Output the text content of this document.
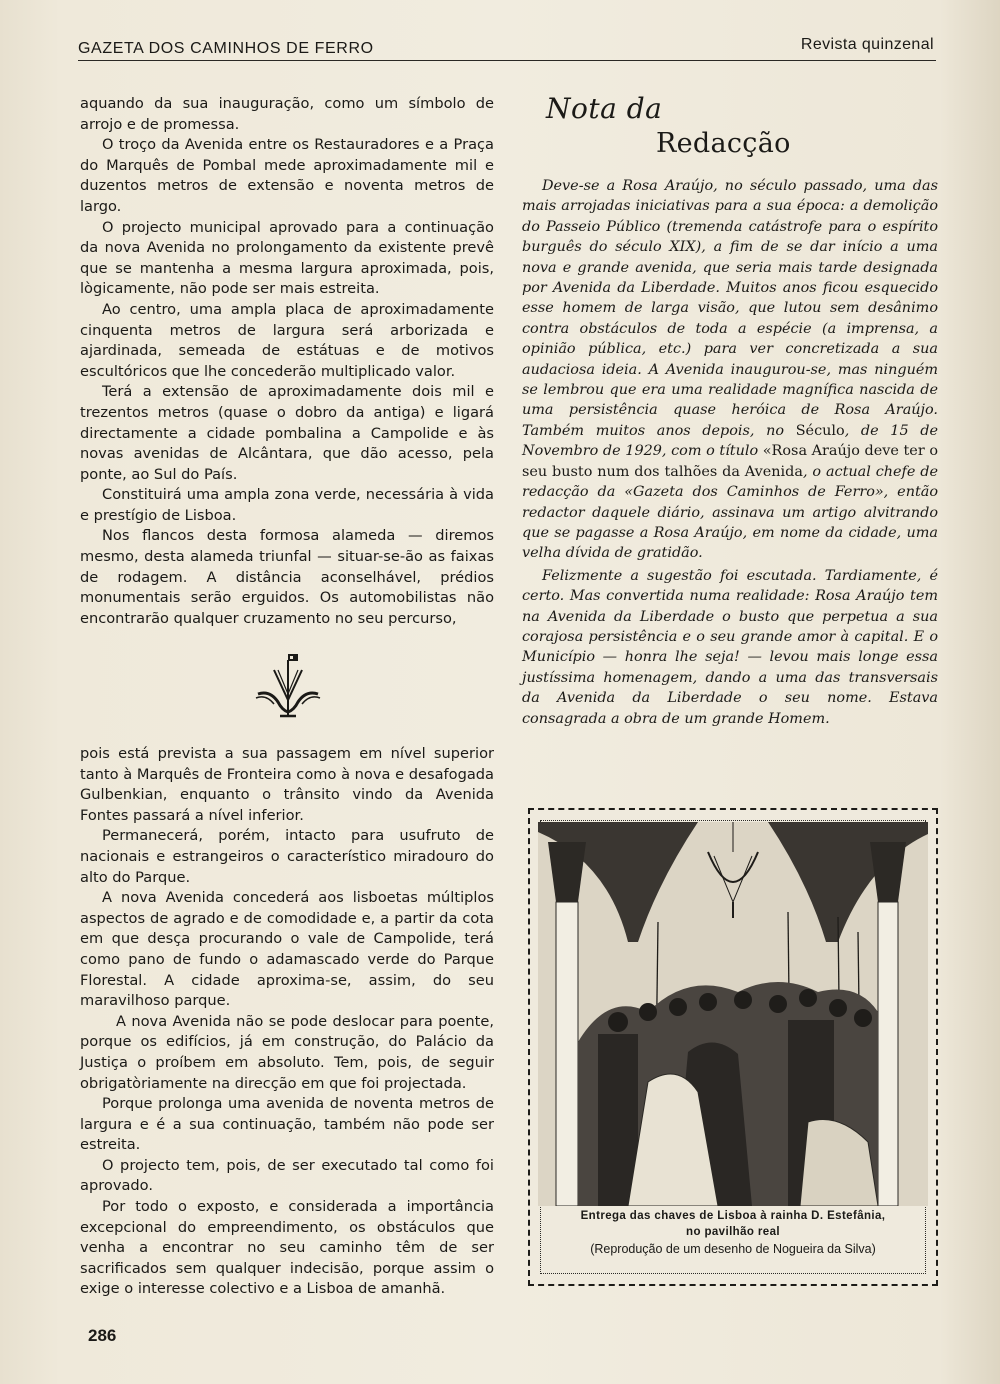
GAZETA DOS CAMINHOS DE FERRO	Revista quinzenal

aquando da sua inauguração, como um símbolo de arrojo e de promessa.

O troço da Avenida entre os Restauradores e a Praça do Marquês de Pombal mede aproximadamente mil e duzentos metros de extensão e noventa metros de largo.

O projecto municipal aprovado para a continuação da nova Avenida no prolongamento da existente prevê que se mantenha a mesma largura aproximada, pois, lògicamente, não pode ser mais estreita.

Ao centro, uma ampla placa de aproximadamente cinquenta metros de largura será arborizada e ajardinada, semeada de estátuas e de motivos escultóricos que lhe concederão multiplicado valor.

Terá a extensão de aproximadamente dois mil e trezentos metros (quase o dobro da antiga) e ligará directamente a cidade pombalina a Campolide e às novas avenidas de Alcântara, que dão acesso, pela ponte, ao Sul do País.

Constituirá uma ampla zona verde, necessária à vida e prestígio de Lisboa.

Nos flancos desta formosa alameda — diremos mesmo, desta alameda triunfal — situar-se-ão as faixas de rodagem. A distância aconselhável, prédios monumentais serão erguidos. Os automobilistas não encontrarão qualquer cruzamento no seu percurso,

pois está prevista a sua passagem em nível superior tanto à Marquês de Fronteira como à nova e desafogada Gulbenkian, enquanto o trânsito vindo da Avenida Fontes passará a nível inferior.

Permanecerá, porém, intacto para usufruto de nacionais e estrangeiros o característico miradouro do alto do Parque.

A nova Avenida concederá aos lisboetas múltiplos aspectos de agrado e de comodidade e, a partir da cota em que desça procurando o vale de Campolide, terá como pano de fundo o adamascado verde do Parque Florestal. A cidade aproxima-se, assim, do seu maravilhoso parque.

A nova Avenida não se pode deslocar para poente, porque os edifícios, já em construção, do Palácio da Justiça o proíbem em absoluto. Tem, pois, de seguir obrigatòriamente na direcção em que foi projectada.

Porque prolonga uma avenida de noventa metros de largura e é a sua continuação, também não pode ser estreita.

O projecto tem, pois, de ser executado tal como foi aprovado.

Por todo o exposto, e considerada a importância excepcional do empreendimento, os obstáculos que venha a encontrar no seu caminho têm de ser sacrificados sem qualquer indecisão, porque assim o exige o interesse colectivo e a Lisboa de amanhã.

Nota da
Redacção

Deve-se a Rosa Araújo, no século passado, uma das mais arrojadas iniciativas para a sua época: a demolição do Passeio Público (tremenda catástrofe para o espírito burguês do século XIX), a fim de se dar início a uma nova e grande avenida, que seria mais tarde designada por Avenida da Liberdade. Muitos anos ficou esquecido esse homem de larga visão, que lutou sem desânimo contra obstáculos de toda a espécie (a imprensa, a opinião pública, etc.) para ver concretizada a sua audaciosa ideia. A Avenida inaugurou-se, mas ninguém se lembrou que era uma realidade magnífica nascida de uma persistência quase heróica de Rosa Araújo. Também muitos anos depois, no Século, de 15 de Novembro de 1929, com o título «Rosa Araújo deve ter o seu busto num dos talhões da Avenida, o actual chefe de redacção da «Gazeta dos Caminhos de Ferro», então redactor daquele diário, assinava um artigo alvitrando que se pagasse a Rosa Araújo, em nome da cidade, uma velha dívida de gratidão.

Felizmente a sugestão foi escutada. Tardiamente, é certo. Mas convertida numa realidade: Rosa Araújo tem na Avenida da Liberdade o busto que perpetua a sua corajosa persistência e o seu grande amor à capital. E o Município — honra lhe seja! — levou mais longe essa justíssima homenagem, dando a uma das transversais da Avenida da Liberdade o seu nome. Estava consagrada a obra de um grande Homem.

Entrega das chaves de Lisboa à rainha D. Estefânia,
no pavilhão real
(Reprodução de um desenho de Nogueira da Silva)
286
